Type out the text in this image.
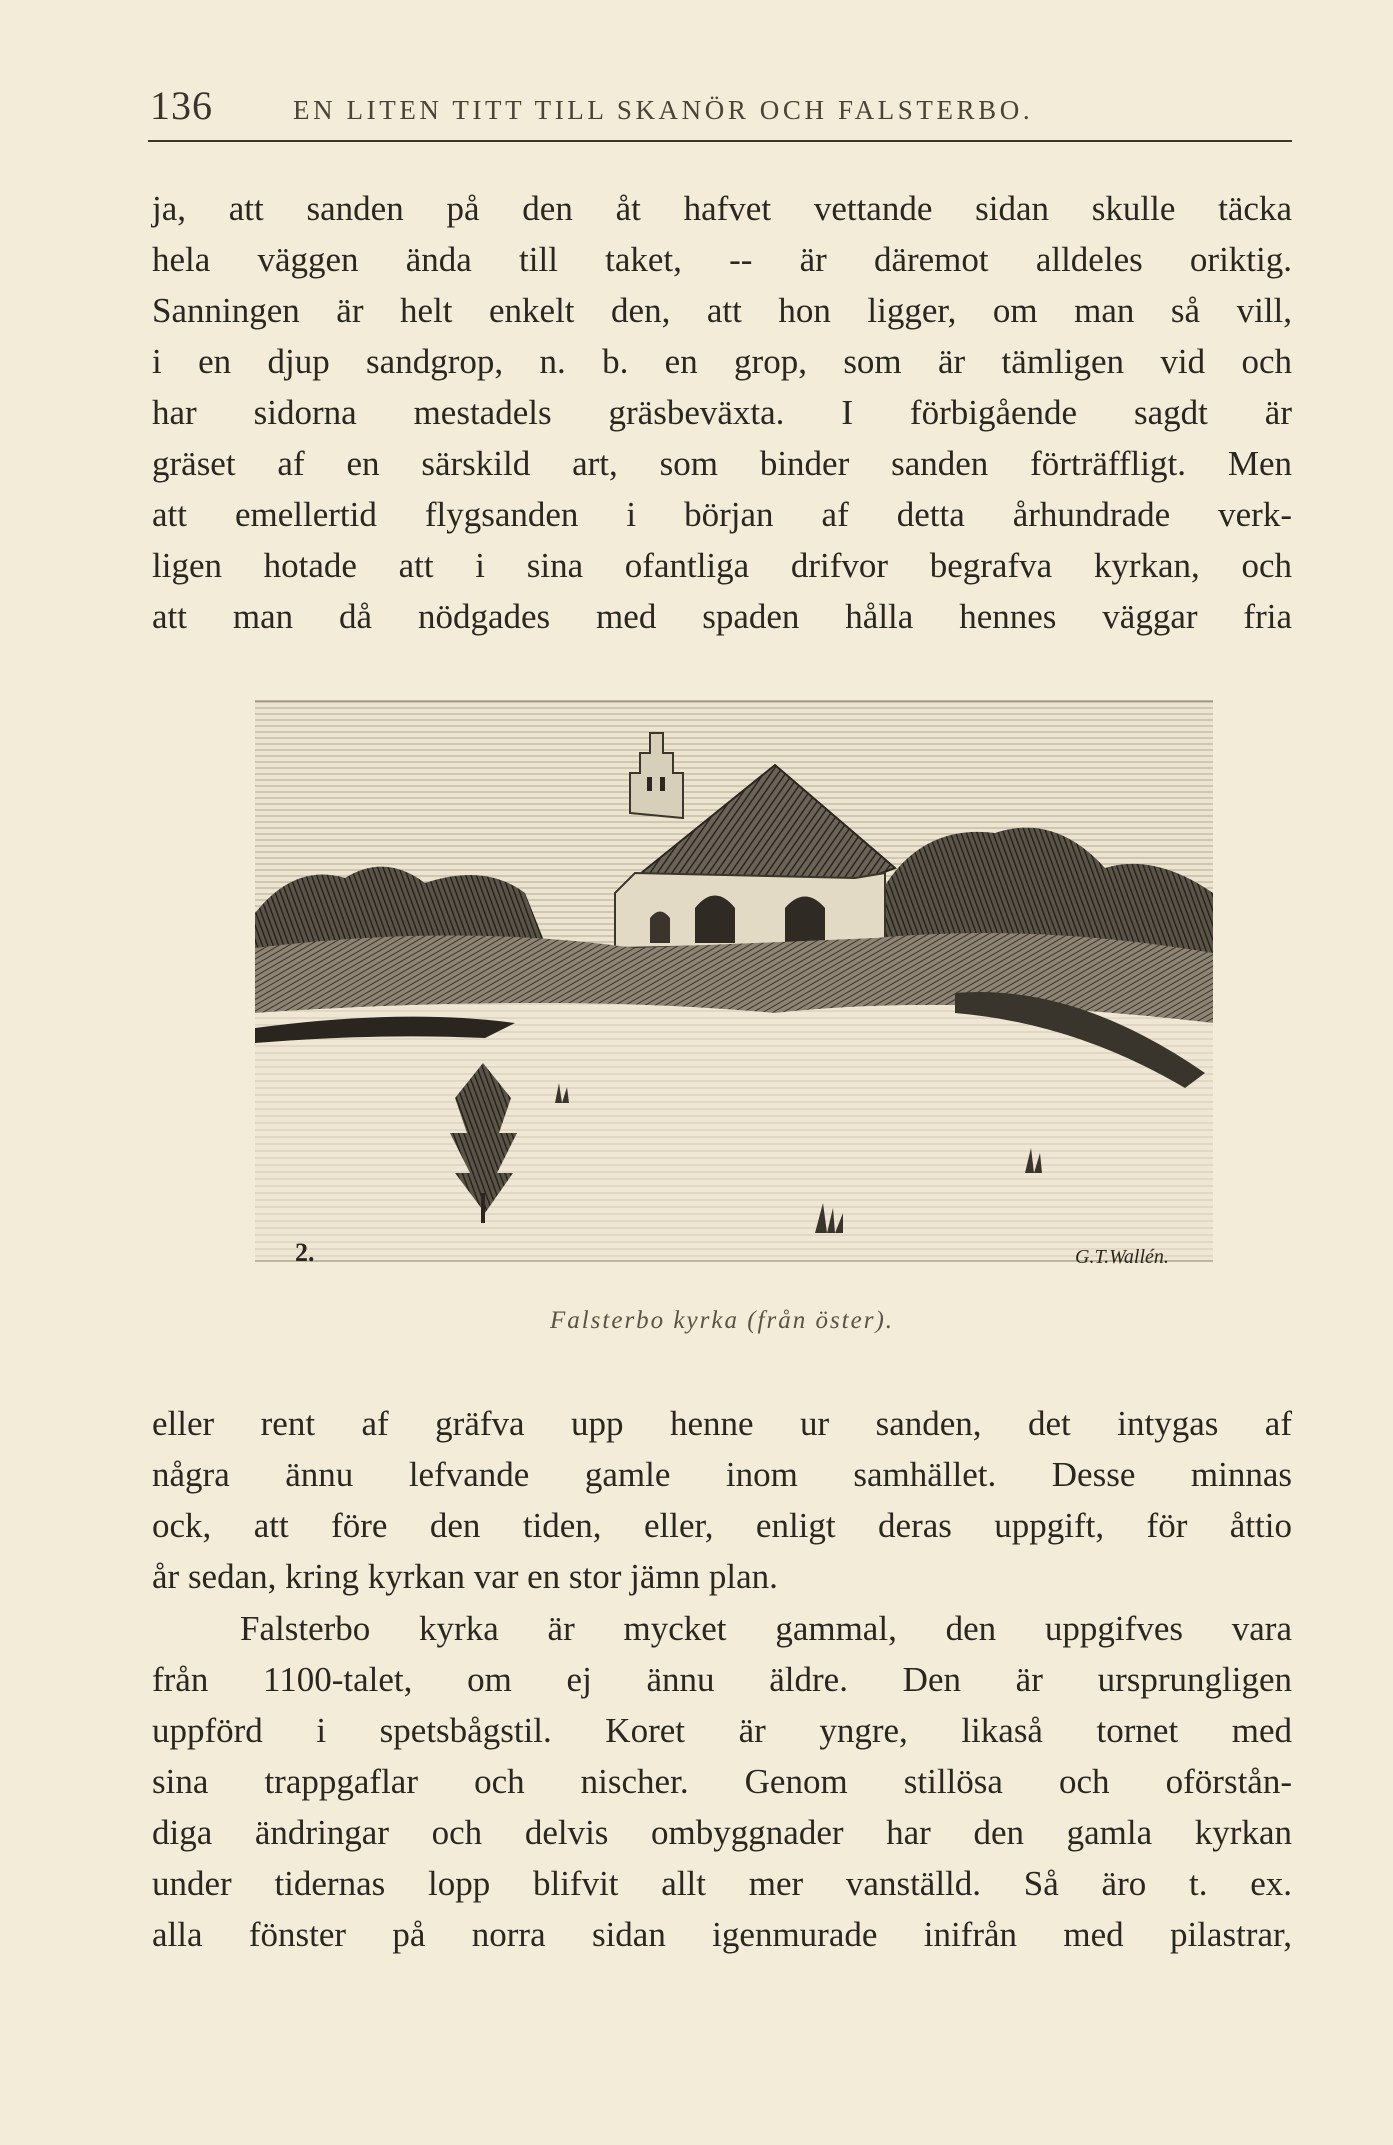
136	EN LITEN TITT TILL SKANÖR OCH FALSTERBO.
ja, att sanden på den åt hafvet vettande sidan skulle täcka
hela väggen ända till taket, -- är däremot alldeles oriktig.
Sanningen är helt enkelt den, att hon ligger, om man så vill,
i en djup sandgrop, n. b. en grop, som är tämligen vid och
har sidorna mestadels gräsbeväxta. I förbigående sagdt är
gräset af en särskild art, som binder sanden förträffligt. Men
att emellertid flygsanden i början af detta århundrade verk-
ligen hotade att i sina ofantliga drifvor begrafva kyrkan, och
att man då nödgades med spaden hålla hennes väggar fria
2.	G.T.Wallén.
Falsterbo kyrka (från öster).
eller rent af gräfva upp henne ur sanden, det intygas af
några ännu lefvande gamle inom samhället. Desse minnas
ock, att före den tiden, eller, enligt deras uppgift, för åttio
år sedan, kring kyrkan var en stor jämn plan.
Falsterbo kyrka är mycket gammal, den uppgifves vara
från 1100-talet, om ej ännu äldre. Den är ursprungligen
uppförd i spetsbågstil. Koret är yngre, likaså tornet med
sina trappgaflar och nischer. Genom stillösa och oförstån-
diga ändringar och delvis ombyggnader har den gamla kyrkan
under tidernas lopp blifvit allt mer vanställd. Så äro t. ex.
alla fönster på norra sidan igenmurade inifrån med pilastrar,
